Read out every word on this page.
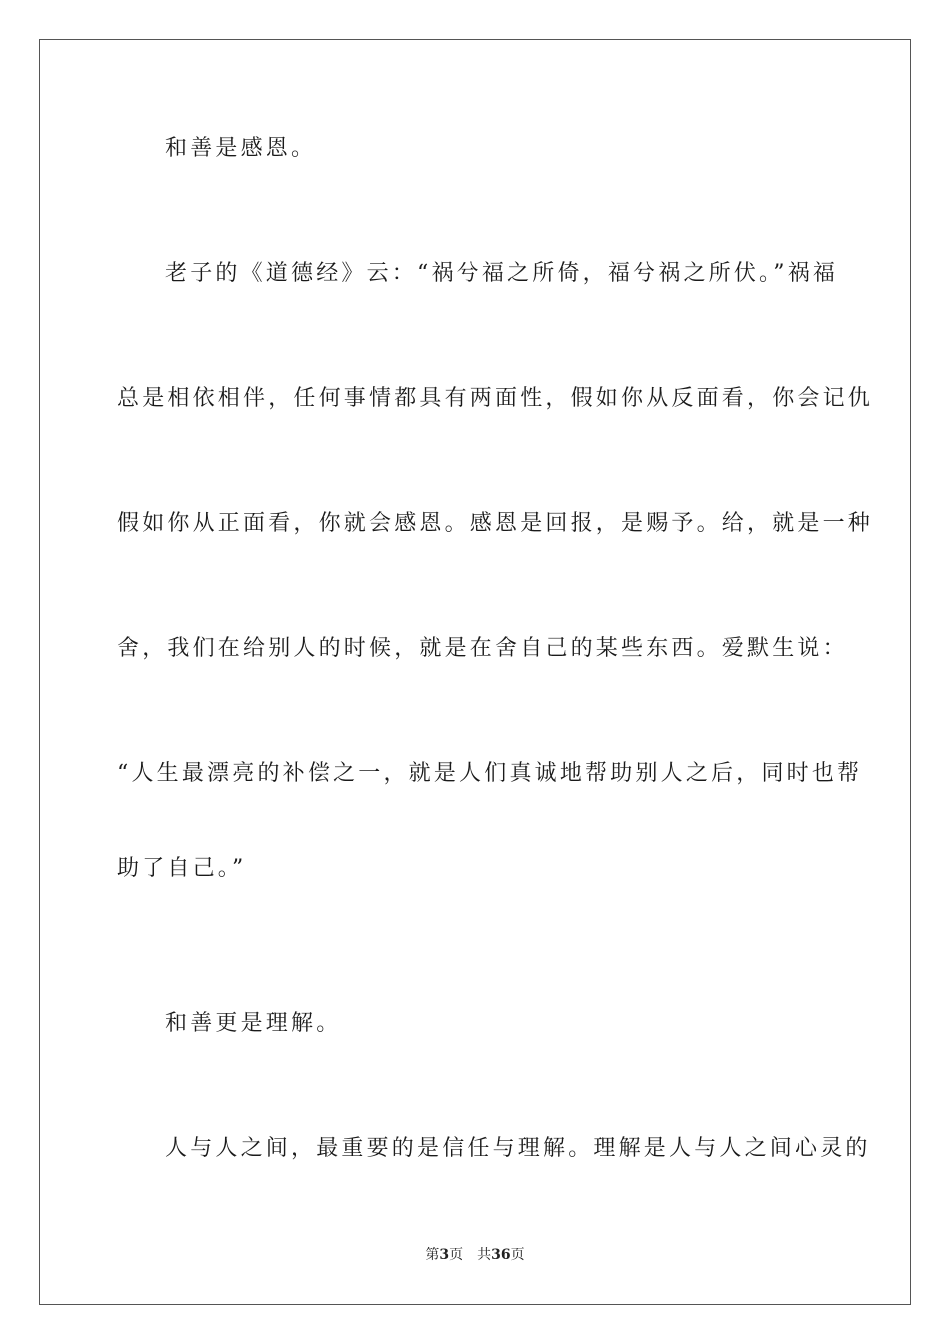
和善是感恩。
老子的《道德经》云：“祸兮福之所倚，福兮祸之所伏。”祸福
总是相依相伴，任何事情都具有两面性，假如你从反面看，你会记仇
假如你从正面看，你就会感恩。感恩是回报，是赐予。给，就是一种
舍，我们在给别人的时候，就是在舍自己的某些东西。爱默生说：
“人生最漂亮的补偿之一，就是人们真诚地帮助别人之后，同时也帮
助了自己。”
和善更是理解。
人与人之间，最重要的是信任与理解。理解是人与人之间心灵的
第3页 共36页
